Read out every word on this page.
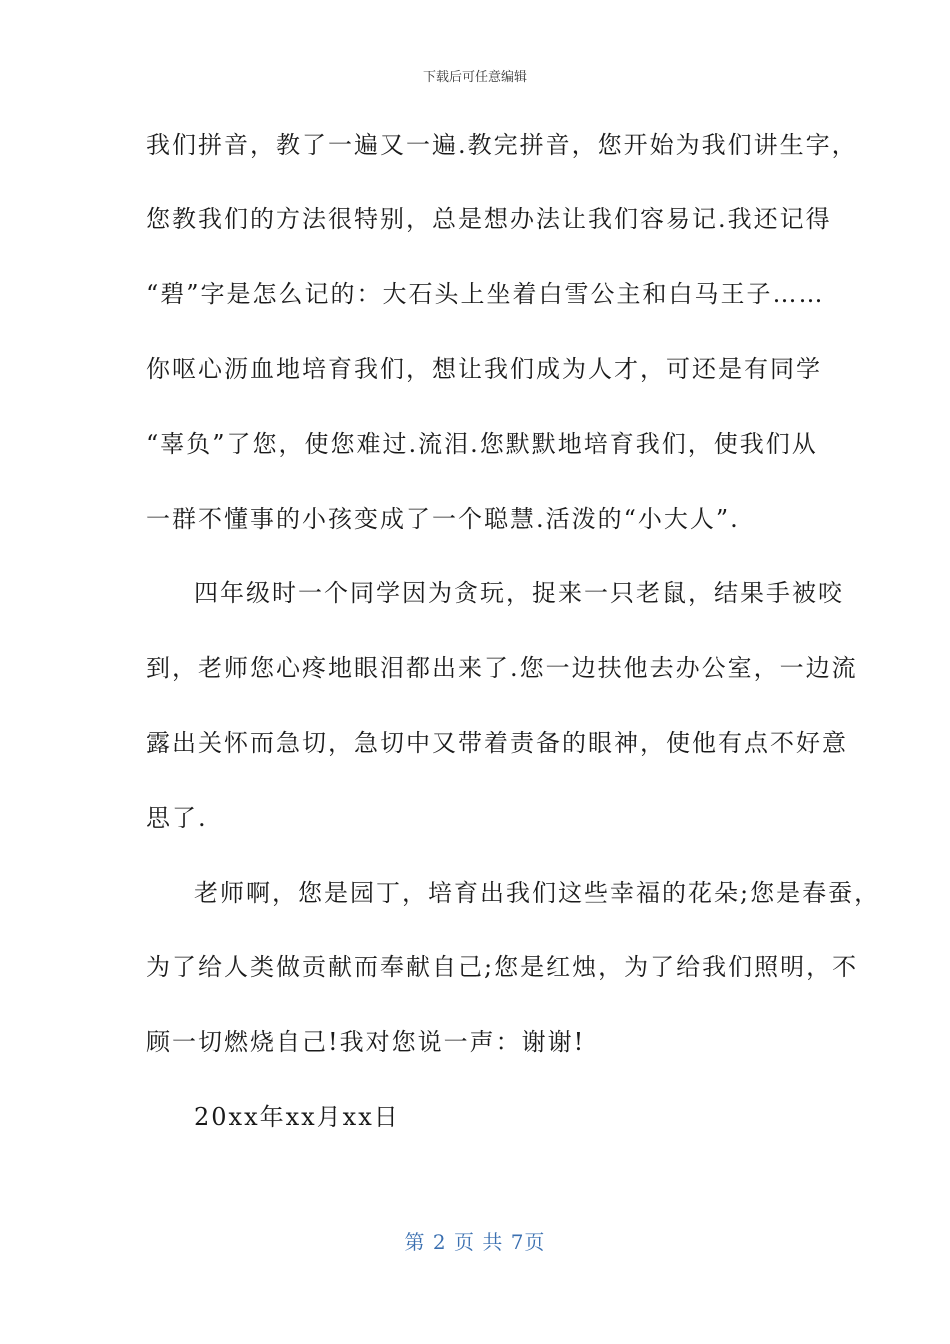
下载后可任意编辑
我们拼音，教了一遍又一遍.教完拼音，您开始为我们讲生字，
您教我们的方法很特别，总是想办法让我们容易记.我还记得
“碧”字是怎么记的：大石头上坐着白雪公主和白马王子……
你呕心沥血地培育我们，想让我们成为人才，可还是有同学
“辜负”了您，使您难过.流泪.您默默地培育我们，使我们从
一群不懂事的小孩变成了一个聪慧.活泼的“小大人”.
四年级时一个同学因为贪玩，捉来一只老鼠，结果手被咬
到，老师您心疼地眼泪都出来了.您一边扶他去办公室，一边流
露出关怀而急切，急切中又带着责备的眼神，使他有点不好意
思了.
老师啊，您是园丁，培育出我们这些幸福的花朵;您是春蚕，
为了给人类做贡献而奉献自己;您是红烛，为了给我们照明，不
顾一切燃烧自己!我对您说一声：谢谢!
20xx年xx月xx日
第 2 页 共 7页
